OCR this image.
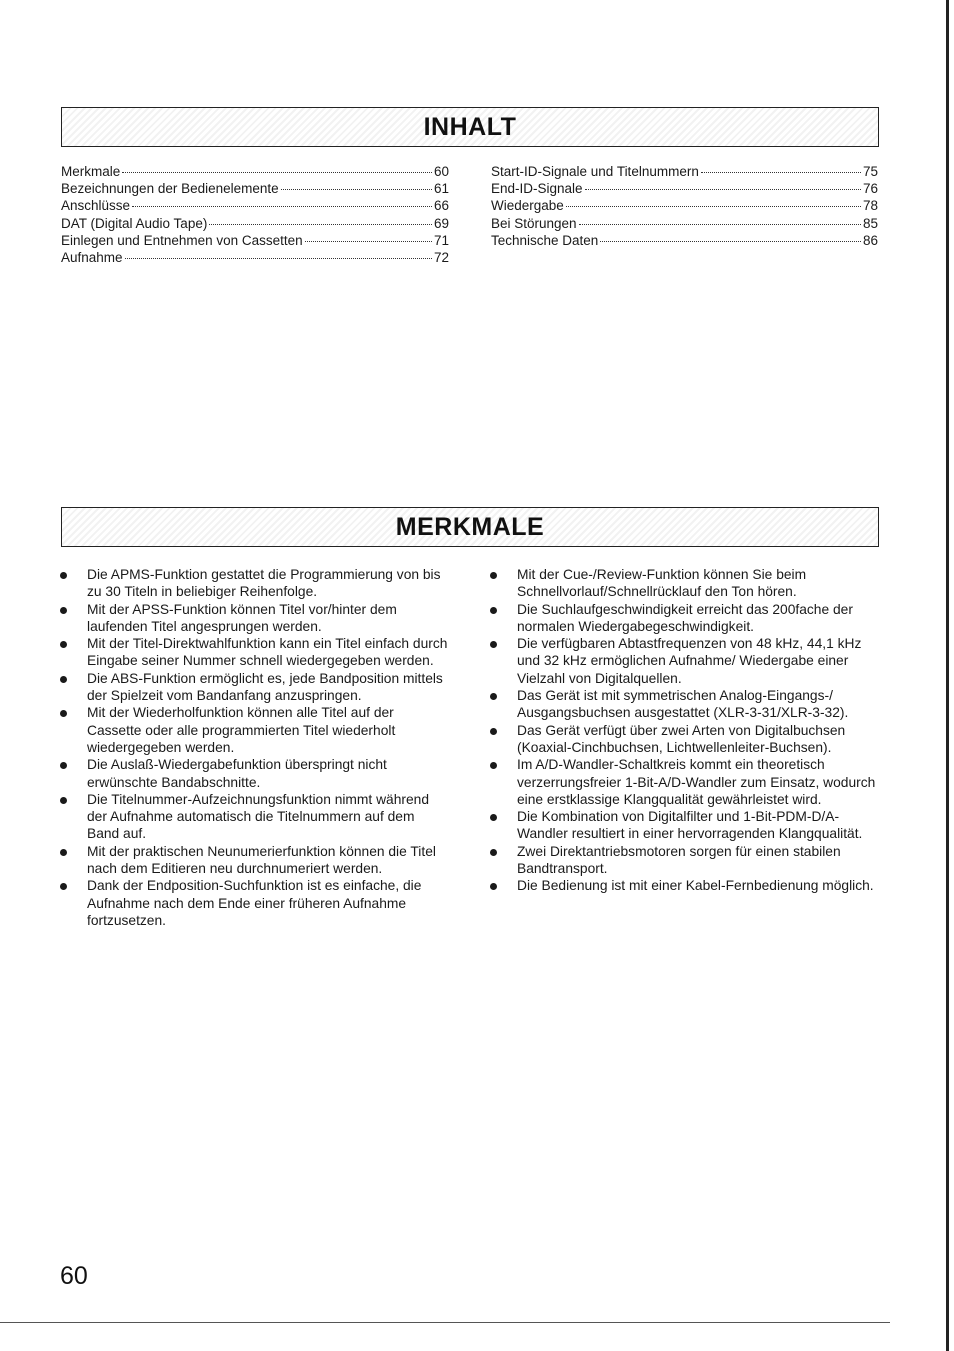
INHALT
Merkmale	60
Bezeichnungen der Bedienelemente	61
Anschlüsse	66
DAT (Digital Audio Tape)	69
Einlegen und Entnehmen von Cassetten	71
Aufnahme	72
Start-ID-Signale und Titelnummern	75
End-ID-Signale	76
Wiedergabe	78
Bei Störungen	85
Technische Daten	86
MERKMALE
Die APMS-Funktion gestattet die Programmierung von bis zu 30 Titeln in beliebiger Reihenfolge.
Mit der APSS-Funktion können Titel vor/hinter dem laufenden Titel angesprungen werden.
Mit der Titel-Direktwahlfunktion kann ein Titel einfach durch Eingabe seiner Nummer schnell wiedergegeben werden.
Die ABS-Funktion ermöglicht es, jede Bandposition mittels der Spielzeit vom Bandanfang anzuspringen.
Mit der Wiederholfunktion können alle Titel auf der Cassette oder alle programmierten Titel wiederholt wiedergegeben werden.
Die Auslaß-Wiedergabefunktion überspringt nicht erwünschte Bandabschnitte.
Die Titelnummer-Aufzeichnungsfunktion nimmt während der Aufnahme automatisch die Titelnummern auf dem Band auf.
Mit der praktischen Neunumerierfunktion können die Titel nach dem Editieren neu durchnumeriert werden.
Dank der Endposition-Suchfunktion ist es einfache, die Aufnahme nach dem Ende einer früheren Aufnahme fortzusetzen.
Mit der Cue-/Review-Funktion können Sie beim Schnellvorlauf/Schnellrücklauf den Ton hören.
Die Suchlaufgeschwindigkeit erreicht das 200fache der normalen Wiedergabegeschwindigkeit.
Die verfügbaren Abtastfrequenzen von 48 kHz, 44,1 kHz und 32 kHz ermöglichen Aufnahme/ Wiedergabe einer Vielzahl von Digitalquellen.
Das Gerät ist mit symmetrischen Analog-Eingangs-/ Ausgangsbuchsen ausgestattet (XLR-3-31/XLR-3-32).
Das Gerät verfügt über zwei Arten von Digitalbuchsen (Koaxial-Cinchbuchsen, Lichtwellenleiter-Buchsen).
Im A/D-Wandler-Schaltkreis kommt ein theoretisch verzerrungsfreier 1-Bit-A/D-Wandler zum Einsatz, wodurch eine erstklassige Klangqualität gewährleistet wird.
Die Kombination von Digitalfilter und 1-Bit-PDM-D/A-Wandler resultiert in einer hervorragenden Klangqualität.
Zwei Direktantriebsmotoren sorgen für einen stabilen Bandtransport.
Die Bedienung ist mit einer Kabel-Fernbedienung möglich.
60
